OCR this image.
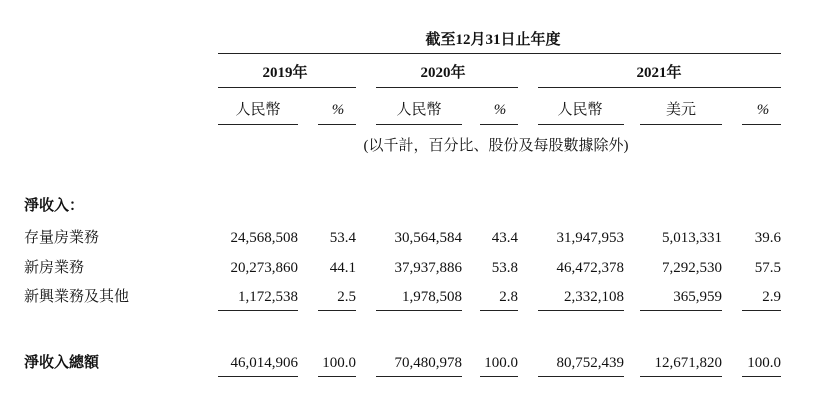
截至12月31日止年度
2019年	2020年	2021年
人民幣	%	人民幣	%	人民幣	美元	%
(以千計，百分比、股份及每股數據除外)
淨收入：
存量房業務	24,568,508	53.4	30,564,584	43.4	31,947,953	5,013,331	39.6
新房業務	20,273,860	44.1	37,937,886	53.8	46,472,378	7,292,530	57.5
新興業務及其他	1,172,538	2.5	1,978,508	2.8	2,332,108	365,959	2.9
淨收入總額	46,014,906	100.0	70,480,978	100.0	80,752,439	12,671,820	100.0
